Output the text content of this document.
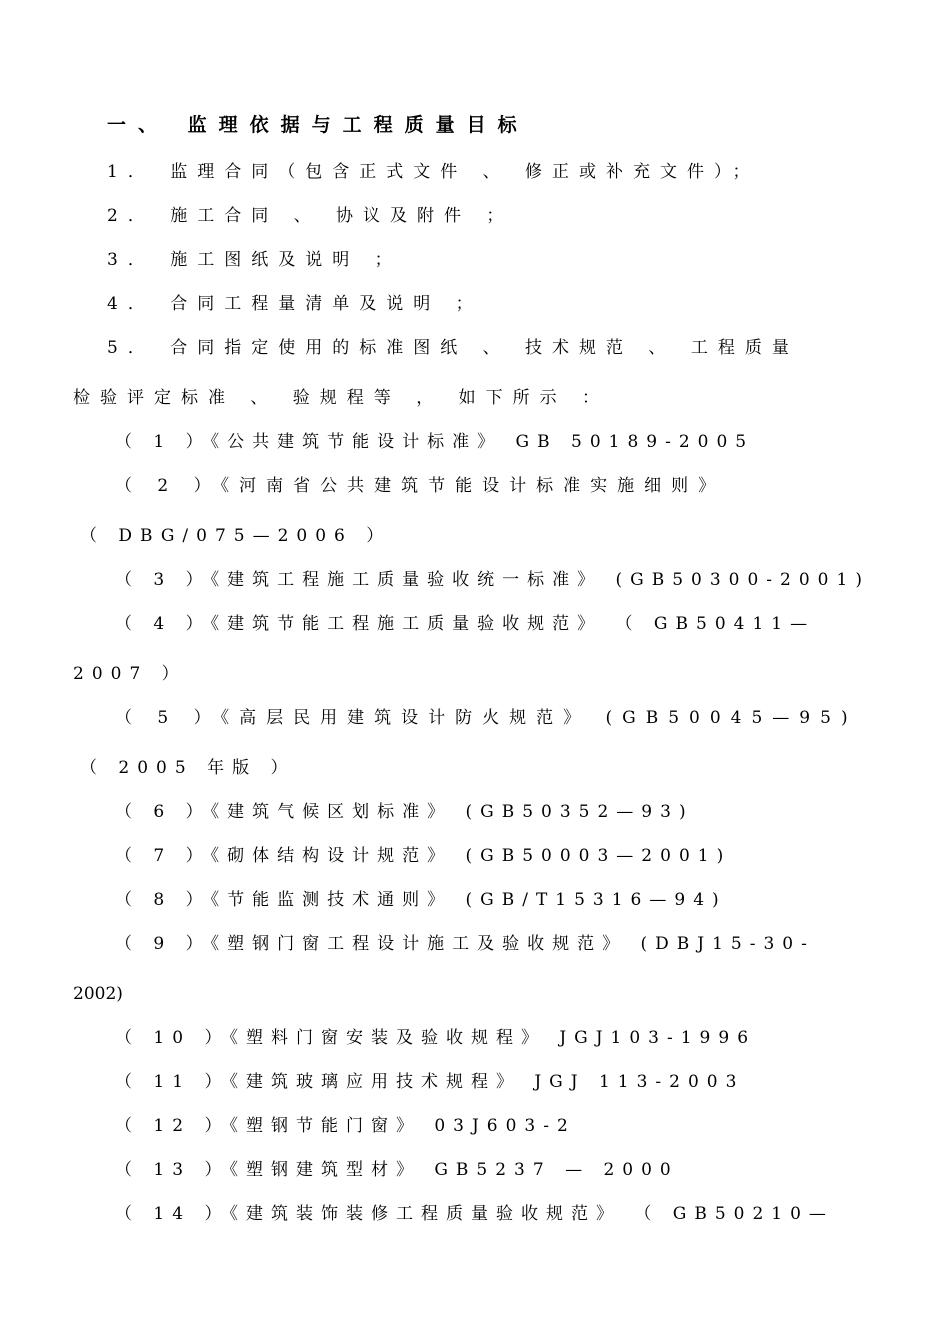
一、 监理依据与工程质量目标
1． 监理合同（包含正式文件 、 修正或补充文件）；
2． 施工合同 、 协议及附件 ；
3． 施工图纸及说明 ；
4． 合同工程量清单及说明 ；
5． 合同指定使用的标准图纸 、 技术规范 、 工程质量
检验评定标准 、 验规程等 ， 如下所示 ：
（ 1 ）《公共建筑节能设计标准》 GB 50189-2005
（ 2 ）《河南省公共建筑节能设计标准实施细则》
（ DBG/075—2006 ）
（ 3 ）《建筑工程施工质量验收统一标准》 (GB50300-2001)
（ 4 ）《建筑节能工程施工质量验收规范》 （ GB50411—
2007 ）
（ 5 ）《高层民用建筑设计防火规范》 (GB50045—95)
（ 2005 年版 ）
（ 6 ）《建筑气候区划标准》 (GB50352—93)
（ 7 ）《砌体结构设计规范》 (GB50003—2001)
（ 8 ）《节能监测技术通则》 (GB/T15316—94)
（ 9 ）《塑钢门窗工程设计施工及验收规范》 (DBJ15-30-
2002)
（ 10 ）《塑料门窗安装及验收规程》 JGJ103-1996
（ 11 ）《建筑玻璃应用技术规程》 JGJ 113-2003
（ 12 ）《塑钢节能门窗》 03J603-2
（ 13 ）《塑钢建筑型材》 GB5237 — 2000
（ 14 ）《建筑装饰装修工程质量验收规范》 （ GB50210—
